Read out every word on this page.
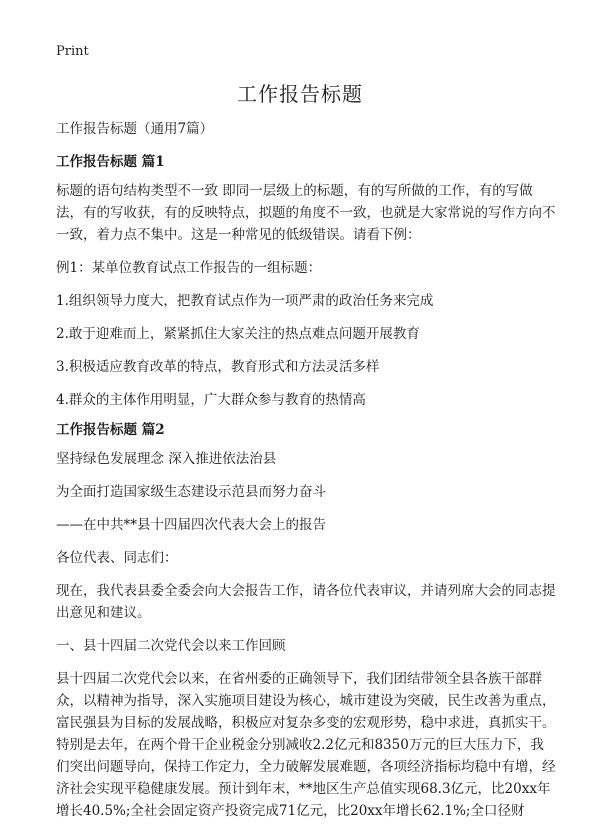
Print
工作报告标题

工作报告标题（通用7篇）

工作报告标题 篇1

标题的语句结构类型不一致 即同一层级上的标题，有的写所做的工作，有的写做法，有的写收获，有的反映特点，拟题的角度不一致，也就是大家常说的写作方向不一致，着力点不集中。这是一种常见的低级错误。请看下例：

例1：某单位教育试点工作报告的一组标题：

1.组织领导力度大，把教育试点作为一项严肃的政治任务来完成

2.敢于迎难而上，紧紧抓住大家关注的热点难点问题开展教育

3.积极适应教育改革的特点，教育形式和方法灵活多样

4.群众的主体作用明显，广大群众参与教育的热情高

工作报告标题 篇2

坚持绿色发展理念 深入推进依法治县

为全面打造国家级生态建设示范县而努力奋斗

——在中共**县十四届四次代表大会上的报告

各位代表、同志们：

现在，我代表县委全委会向大会报告工作，请各位代表审议，并请列席大会的同志提出意见和建议。

一、县十四届二次党代会以来工作回顾

县十四届二次党代会以来，在省州委的正确领导下，我们团结带领全县各族干部群众，以精神为指导，深入实施项目建设为核心，城市建设为突破，民生改善为重点，富民强县为目标的发展战略，积极应对复杂多变的宏观形势，稳中求进，真抓实干。特别是去年，在两个骨干企业税金分别减收2.2亿元和8350万元的巨大压力下，我们突出问题导向，保持工作定力，全力破解发展难题，各项经济指标均稳中有增，经济社会实现平稳健康发展。预计到年末，**地区生产总值实现68.3亿元，比20xx年增长40.5%;全社会固定资产投资完成71亿元，比20xx年增长62.1%;全口径财
